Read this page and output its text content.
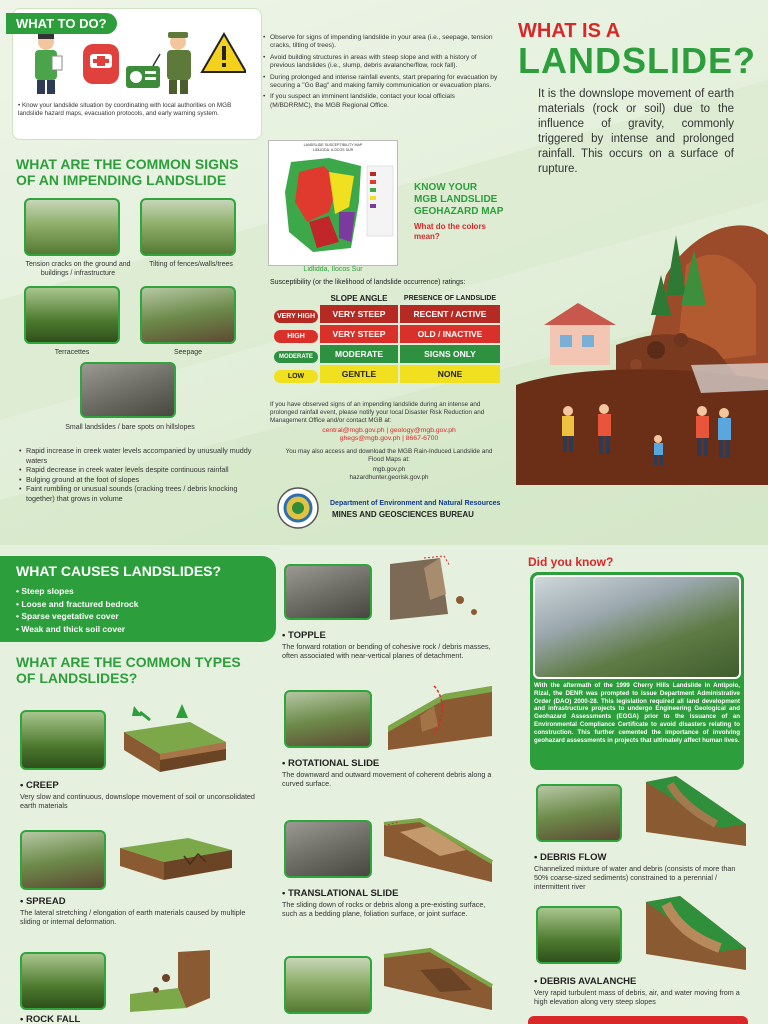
WHAT TO DO?
• Know your landslide situation by coordinating with local authorities on MGB landslide hazard maps, evacuation protocols, and early warning system.
• Observe for signs of impending landslide in your area (i.e., seepage, tension cracks, tilting of trees).
• Avoid building structures in areas with steep slope and with a history of previous landslides (i.e., slump, debris avalanche/flow, rock fall).
• During prolonged and intense rainfall events, start preparing for evacuation by securing a "Go Bag" and making family communication or evacuation plans.
• If you suspect an imminent landslide, contact your local officials (M/BDRRMC), the MGB Regional Office.
WHAT IS A
LANDSLIDE?
It is the downslope movement of earth materials (rock or soil) due to the influence of gravity, commonly triggered by intense and prolonged rainfall. This occurs on a surface of rupture.
WHAT ARE THE COMMON SIGNS
OF AN IMPENDING LANDSLIDE
Tension cracks on the ground and buildings / infrastructure
Tilting of fences/walls/trees
Terracettes	Seepage
Small landslides / bare spots on hillslopes
• Rapid increase in creek water levels accompanied by unusually muddy waters
• Rapid decrease in creek water levels despite continuous rainfall
• Bulging ground at the foot of slopes
• Faint rumbling or unusual sounds (cracking trees / debris knocking together) that grows in volume
LANDSLIDE SUSCEPTIBILITY MAP
LIDLIDDA, ILOCOS SUR
Lidlidda, Ilocos Sur
KNOW YOUR
MGB LANDSLIDE
GEOHAZARD MAP
What do the colors mean?
Susceptibility (or the likelihood of landslide occurrence) ratings:
	SLOPE ANGLE	PRESENCE OF LANDSLIDE
VERY HIGH	VERY STEEP	RECENT / ACTIVE
HIGH	VERY STEEP	OLD / INACTIVE
MODERATE	MODERATE	SIGNS ONLY
LOW	GENTLE	NONE
If you have observed signs of an impending landslide during an intense and prolonged rainfall event, please notify your local Disaster Risk Reduction and Management Office and/or contact MGB at:
central@mgb.gov.ph | geology@mgb.gov.ph
ghegs@mgb.gov.ph | 8667-6700
You may also access and download the MGB Rain-Induced Landslide and Flood Maps at:
mgb.gov.ph
hazardhunter.georisk.gov.ph
Department of Environment and Natural Resources
MINES AND GEOSCIENCES BUREAU
WHAT CAUSES LANDSLIDES?
• Steep slopes
• Loose and fractured bedrock
• Sparse vegetative cover
• Weak and thick soil cover
WHAT ARE THE COMMON TYPES
OF LANDSLIDES?
• CREEP
Very slow and continuous, downslope movement of soil or unconsolidated earth materials
• SPREAD
The lateral stretching / elongation of earth materials caused by multiple sliding or internal deformation.
• ROCK FALL
• TOPPLE
The forward rotation or bending of cohesive rock / debris masses, often associated with near-vertical planes of detachment.
• ROTATIONAL SLIDE
The downward and outward movement of coherent debris along a curved surface.
• TRANSLATIONAL SLIDE
The sliding down of rocks or debris along a pre-existing surface, such as a bedding plane, foliation surface, or joint surface.
Did you know?
With the aftermath of the 1999 Cherry Hills Landslide in Antipolo, Rizal, the DENR was prompted to issue Department Administrative Order (DAO) 2000-28. This legislation required all land development and infrastructure projects to undergo Engineering Geological and Geohazard Assessments (EGGA) prior to the issuance of an Environmental Compliance Certificate to avoid disasters relating to construction. This further cemented the importance of involving geohazard assessments in projects that ultimately affect human lives.
• DEBRIS FLOW
Channelized mixture of water and debris (consists of more than 50% coarse-sized sediments) constrained to a perennial / intermittent river
• DEBRIS AVALANCHE
Very rapid turbulent mass of debris, air, and water moving from a high elevation along very steep slopes
